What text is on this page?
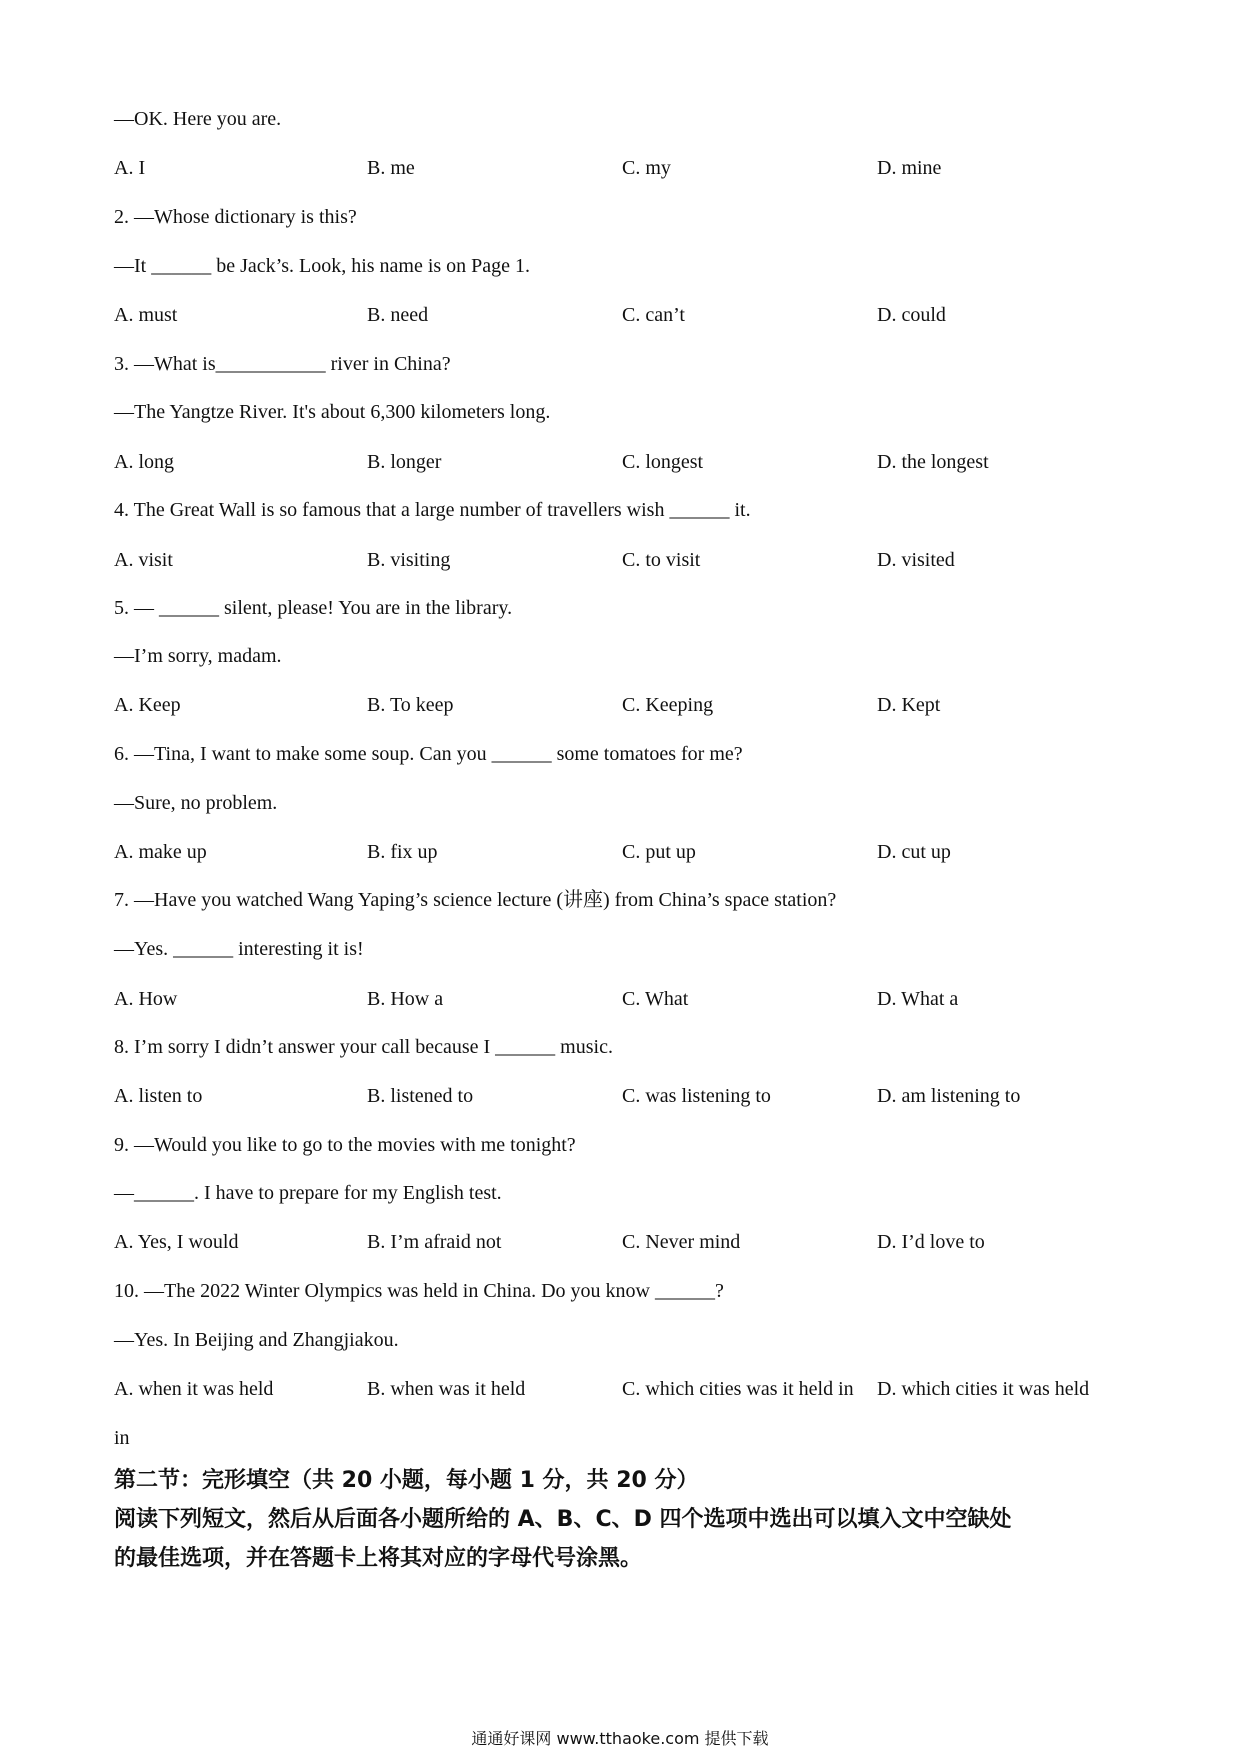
—OK. Here you are.
A. I	B. me	C. my	D. mine
2. —Whose dictionary is this?
—It ______ be Jack’s. Look, his name is on Page 1.
A. must	B. need	C. can’t	D. could
3. —What is___________ river in China?
—The Yangtze River. It's about 6,300 kilometers long.
A. long	B. longer	C. longest	D. the longest
4. The Great Wall is so famous that a large number of travellers wish ______ it.
A. visit	B. visiting	C. to visit	D. visited
5. — ______ silent, please! You are in the library.
—I’m sorry, madam.
A. Keep	B. To keep	C. Keeping	D. Kept
6. —Tina, I want to make some soup. Can you ______ some tomatoes for me?
—Sure, no problem.
A. make up	B. fix up	C. put up	D. cut up
7. —Have you watched Wang Yaping’s science lecture (讲座) from China’s space station?
—Yes. ______ interesting it is!
A. How	B. How a	C. What	D. What a
8. I’m sorry I didn’t answer your call because I ______ music.
A. listen to	B. listened to	C. was listening to	D. am listening to
9. —Would you like to go to the movies with me tonight?
—______. I have to prepare for my English test.
A. Yes, I would	B. I’m afraid not	C. Never mind	D. I’d love to
10. —The 2022 Winter Olympics was held in China. Do you know ______?
—Yes. In Beijing and Zhangjiakou.
A. when it was held	B. when was it held	C. which cities was it held in D. which cities it was held
in
第二节：完形填空（共 20 小题，每小题 1 分，共 20 分）
阅读下列短文，然后从后面各小题所给的 A、B、C、D 四个选项中选出可以填入文中空缺处
的最佳选项，并在答题卡上将其对应的字母代号涂黑。
通通好课网 www.tthaoke.com 提供下载
